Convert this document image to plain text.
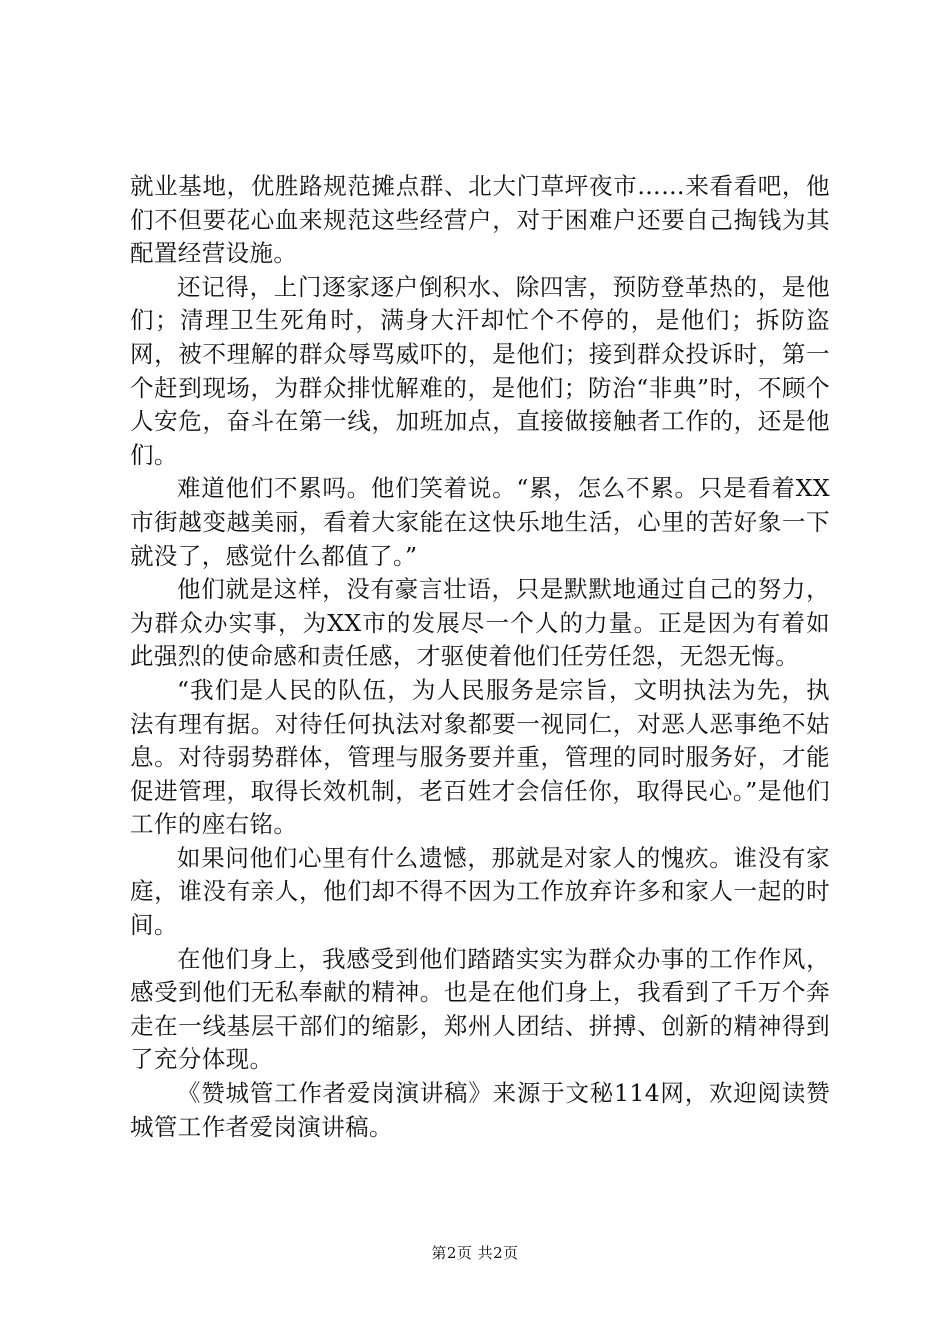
就业基地，优胜路规范摊点群、北大门草坪夜市……来看看吧，他们不但要花心血来规范这些经营户，对于困难户还要自己掏钱为其配置经营设施。

还记得，上门逐家逐户倒积水、除四害，预防登革热的，是他们；清理卫生死角时，满身大汗却忙个不停的，是他们；拆防盗网，被不理解的群众辱骂威吓的，是他们；接到群众投诉时，第一个赶到现场，为群众排忧解难的，是他们；防治“非典”时，不顾个人安危，奋斗在第一线，加班加点，直接做接触者工作的，还是他们。

难道他们不累吗。他们笑着说。“累，怎么不累。只是看着XX市街越变越美丽，看着大家能在这快乐地生活，心里的苦好象一下就没了，感觉什么都值了。”

他们就是这样，没有豪言壮语，只是默默地通过自己的努力，为群众办实事，为XX市的发展尽一个人的力量。正是因为有着如此强烈的使命感和责任感，才驱使着他们任劳任怨，无怨无悔。

“我们是人民的队伍，为人民服务是宗旨，文明执法为先，执法有理有据。对待任何执法对象都要一视同仁，对恶人恶事绝不姑息。对待弱势群体，管理与服务要并重，管理的同时服务好，才能促进管理，取得长效机制，老百姓才会信任你，取得民心。”是他们工作的座右铭。

如果问他们心里有什么遗憾，那就是对家人的愧疚。谁没有家庭，谁没有亲人，他们却不得不因为工作放弃许多和家人一起的时间。

在他们身上，我感受到他们踏踏实实为群众办事的工作作风，感受到他们无私奉献的精神。也是在他们身上，我看到了千万个奔走在一线基层干部们的缩影，郑州人团结、拼搏、创新的精神得到了充分体现。

《赞城管工作者爱岗演讲稿》来源于文秘114网，欢迎阅读赞城管工作者爱岗演讲稿。

第2页 共2页
